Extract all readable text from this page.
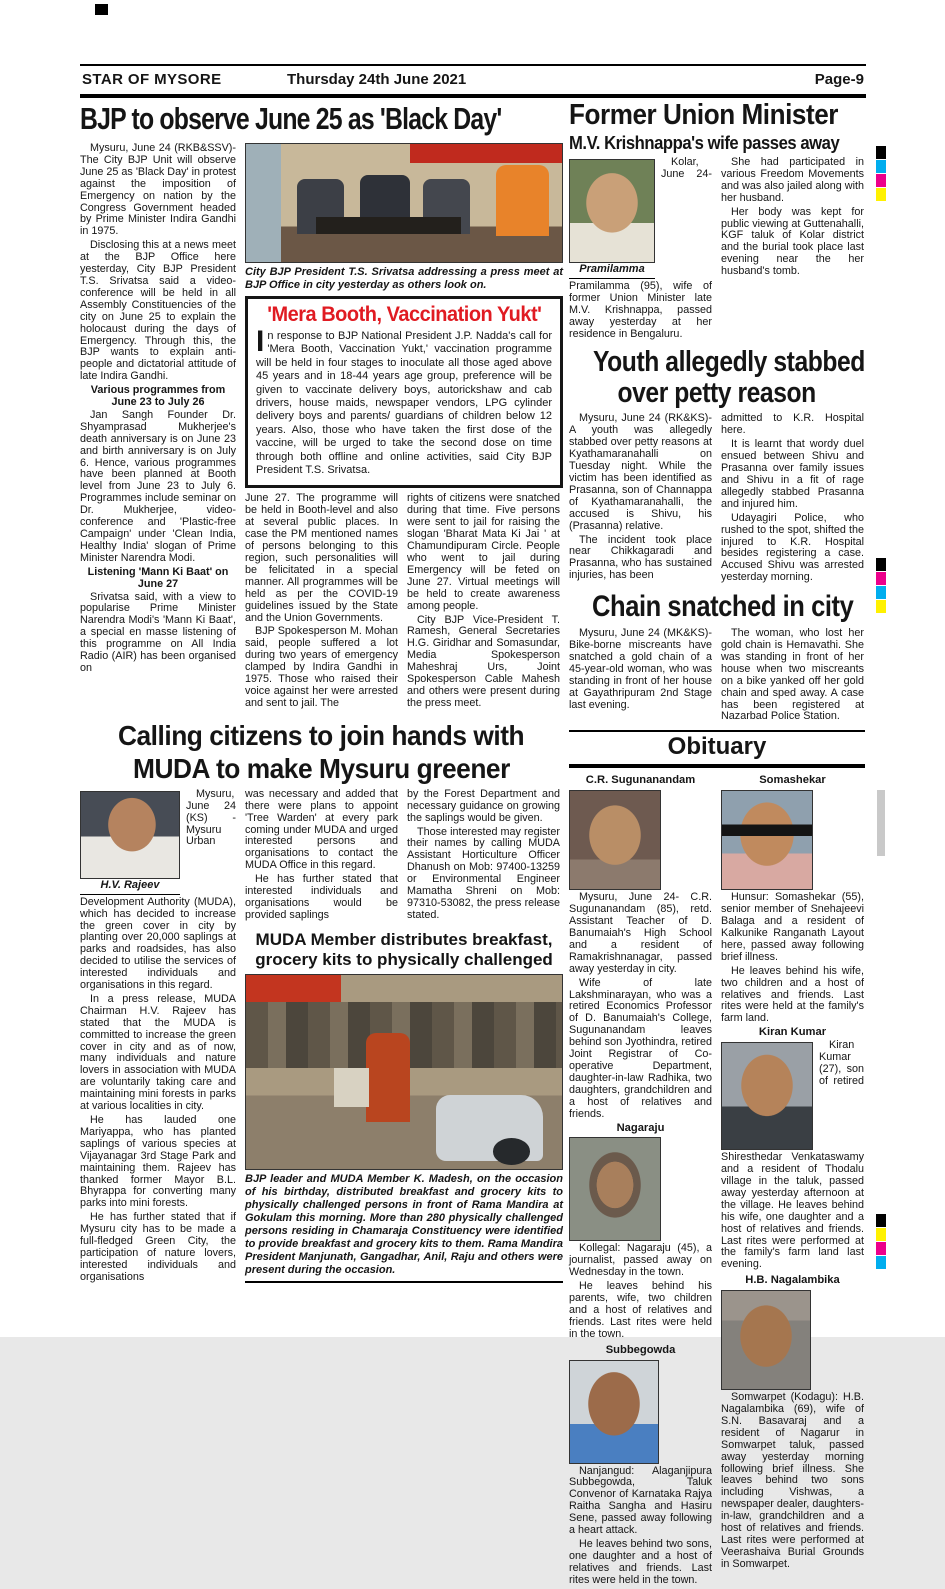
STAR OF MYSORE	Thursday 24th June 2021	Page-9
BJP to observe June 25 as 'Black Day'

Mysuru, June 24 (RKB&SSV)- The City BJP Unit will observe June 25 as 'Black Day' in protest against the imposition of Emergency on nation by the Congress Government headed by Prime Minister Indira Gandhi in 1975.

Disclosing this at a news meet at the BJP Office here yesterday, City BJP President T.S. Srivatsa said a video-conference will be held in all Assembly Constituencies of the city on June 25 to explain the holocaust during the days of Emergency. Through this, the BJP wants to explain anti-people and dictatorial attitude of late Indira Gandhi.

Various programmes from June 23 to July 26

Jan Sangh Founder Dr. Shyamprasad Mukherjee's death anniversary is on June 23 and birth anniversary is on July 6. Hence, various programmes have been planned at Booth level from June 23 to July 6. Programmes include seminar on Dr. Mukherjee, video-conference and 'Plastic-free Campaign' under 'Clean India, Healthy India' slogan of Prime Minister Narendra Modi.

Listening 'Mann Ki Baat' on June 27

Srivatsa said, with a view to popularise Prime Minister Narendra Modi's 'Mann Ki Baat', a special en masse listening of this programme on All India Radio (AIR) has been organised on

City BJP President T.S. Srivatsa addressing a press meet at BJP Office in city yesterday as others look on.
'Mera Booth, Vaccination Yukt'

In response to BJP National President J.P. Nadda's call for 'Mera Booth, Vaccination Yukt,' vaccination programme will be held in four stages to inoculate all those aged above 45 years and in 18-44 years age group, preference will be given to vaccinate delivery boys, autorickshaw and cab drivers, house maids, newspaper vendors, LPG cylinder delivery boys and parents/ guardians of children below 12 years. Also, those who have taken the first dose of the vaccine, will be urged to take the second dose on time through both offline and online activities, said City BJP President T.S. Srivatsa.

June 27. The programme will be held in Booth-level and also at several public places. In case the PM mentioned names of persons belonging to this region, such personalities will be felicitated in a special manner. All programmes will be held as per the COVID-19 guidelines issued by the State and the Union Governments.

BJP Spokesperson M. Mohan said, people suffered a lot during two years of emergency clamped by Indira Gandhi in 1975. Those who raised their voice against her were arrested and sent to jail. The

rights of citizens were snatched during that time. Five persons were sent to jail for raising the slogan 'Bharat Mata Ki Jai ' at Chamundipuram Circle. People who went to jail during Emergency will be feted on June 27. Virtual meetings will be held to create awareness among people.

City BJP Vice-President T. Ramesh, General Secretaries H.G. Giridhar and Somasundar, Media Spokesperson Maheshraj Urs, Joint Spokesperson Cable Mahesh and others were present during the press meet.

Calling citizens to join hands with
MUDA to make Mysuru greener
H.V. Rajeev

Mysuru, June 24 (KS) - Mysuru Urban Development Authority (MUDA), which has decided to increase the green cover in city by planting over 20,000 saplings at parks and roadsides, has also decided to utilise the services of interested individuals and organisations in this regard.

In a press release, MUDA Chairman H.V. Rajeev has stated that the MUDA is committed to increase the green cover in city and as of now, many individuals and nature lovers in association with MUDA are voluntarily taking care and maintaining mini forests in parks at various localities in city.

He has lauded one Mariyappa, who has planted saplings of various species at Vijayanagar 3rd Stage Park and maintaining them. Rajeev has thanked former Mayor B.L. Bhyrappa for converting many parks into mini forests.

He has further stated that if Mysuru city has to be made a full-fledged Green City, the participation of nature lovers, interested individuals and organisations

was necessary and added that there were plans to appoint 'Tree Warden' at every park coming under MUDA and urged interested persons and organisations to contact the MUDA Office in this regard.

He has further stated that interested individuals and organisations would be provided saplings

by the Forest Department and necessary guidance on growing the saplings would be given.

Those interested may register their names by calling MUDA Assistant Horticulture Officer Dhanush on Mob: 97400-13259 or Environmental Engineer Mamatha Shreni on Mob: 97310-53082, the press release stated.

MUDA Member distributes breakfast,
grocery kits to physically challenged
BJP leader and MUDA Member K. Madesh, on the occasion of his birthday, distributed breakfast and grocery kits to physically challenged persons in front of Rama Mandira at Gokulam this morning. More than 280 physically challenged persons residing in Chamaraja Constituency were identified to provide breakfast and grocery kits to them. Rama Mandira President Manjunath, Gangadhar, Anil, Raju and others were present during the occasion.
Former Union Minister
M.V. Krishnappa's wife passes away
Pramilamma

Kolar, June 24- Pramilamma (95), wife of former Union Minister late M.V. Krishnappa, passed away yesterday at her residence in Bengaluru.

She had participated in various Freedom Movements and was also jailed along with her husband.

Her body was kept for public viewing at Guttenahalli, KGF taluk of Kolar district and the burial took place last evening near the her husband's tomb.

Youth allegedly stabbed
over petty reason

Mysuru, June 24 (RK&KS)- A youth was allegedly stabbed over petty reasons at Kyathamaranahalli on Tuesday night. While the victim has been identified as Prasanna, son of Channappa of Kyathamaranahalli, the accused is Shivu, his (Prasanna) relative.

The incident took place near Chikkagaradi and Prasanna, who has sustained injuries, has been

admitted to K.R. Hospital here.

It is learnt that wordy duel ensued between Shivu and Prasanna over family issues and Shivu in a fit of rage allegedly stabbed Prasanna and injured him.

Udayagiri Police, who rushed to the spot, shifted the injured to K.R. Hospital besides registering a case. Accused Shivu was arrested yesterday morning.

Chain snatched in city

Mysuru, June 24 (MK&KS)- Bike-borne miscreants have snatched a gold chain of a 45-year-old woman, who was standing in front of her house at Gayathripuram 2nd Stage last evening.

The woman, who lost her gold chain is Hemavathi. She was standing in front of her house when two miscreants on a bike yanked off her gold chain and sped away. A case has been registered at Nazarbad Police Station.

Obituary
C.R. Sugunanandam

Mysuru, June 24- C.R. Sugunanandam (85), retd. Assistant Teacher of D. Banumaiah's High School and a resident of Ramakrishnanagar, passed away yesterday in city.

Wife of late Lakshminarayan, who was a retired Economics Professor of D. Banumaiah's College, Sugunanandam leaves behind son Jyothindra, retired Joint Registrar of Co-operative Department, daughter-in-law Radhika, two daughters, grandchildren and a host of relatives and friends.

Nagaraju

Kollegal: Nagaraju (45), a journalist, passed away on Wednesday in the town.

He leaves behind his parents, wife, two children and a host of relatives and friends. Last rites were held in the town.

Subbegowda

Nanjangud: Alaganjipura Subbegowda, Taluk Convenor of Karnataka Rajya Raitha Sangha and Hasiru Sene, passed away following a heart attack.

He leaves behind two sons, one daughter and a host of relatives and friends. Last rites were held in the town.

Somashekar

Hunsur: Somashekar (55), senior member of Snehajeevi Balaga and a resident of Kalkunike Ranganath Layout here, passed away following brief illness.

He leaves behind his wife, two children and a host of relatives and friends. Last rites were held at the family's farm land.

Kiran Kumar

Kiran Kumar (27), son of retired Shiresthedar Venkataswamy and a resident of Thodalu village in the taluk, passed away yesterday afternoon at the village. He leaves behind his wife, one daughter and a host of relatives and friends. Last rites were performed at the family's farm land last evening.

H.B. Nagalambika

Somwarpet (Kodagu): H.B. Nagalambika (69), wife of S.N. Basavaraj and a resident of Nagarur in Somwarpet taluk, passed away yesterday morning following brief illness. She leaves behind two sons including Vishwas, a newspaper dealer, daughters-in-law, grandchildren and a host of relatives and friends. Last rites were performed at Veerashaiva Burial Grounds in Somwarpet.
